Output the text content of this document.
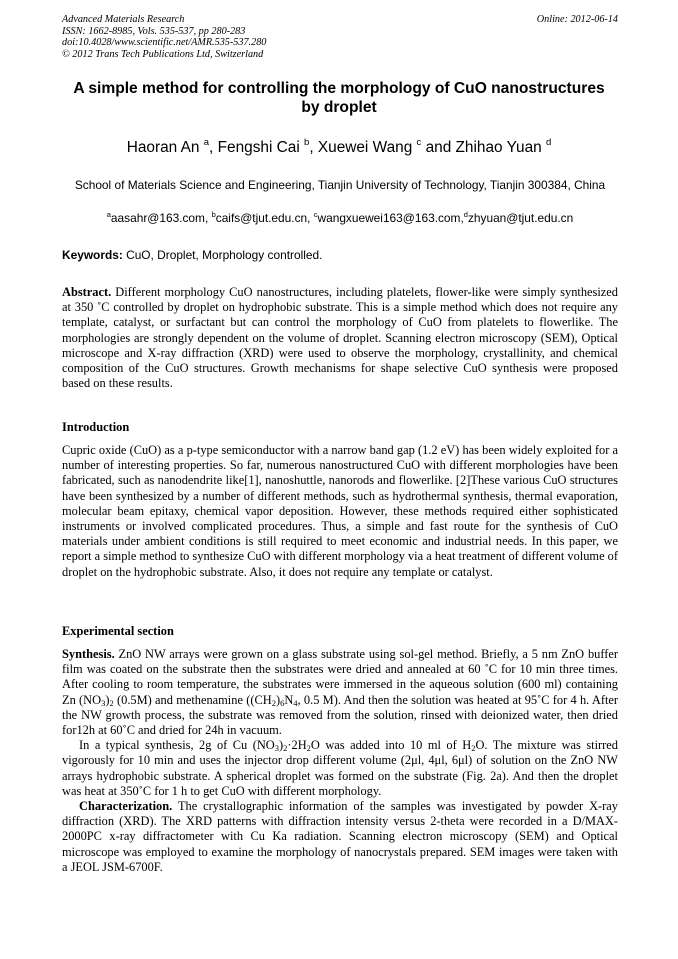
Advanced Materials Research
ISSN: 1662-8985, Vols. 535-537, pp 280-283
doi:10.4028/www.scientific.net/AMR.535-537.280
© 2012 Trans Tech Publications Ltd, Switzerland
Online: 2012-06-14
A simple method for controlling the morphology of CuO nanostructures
by droplet
Haoran An $^a$, Fengshi Cai $^b$, Xuewei Wang $^c$ and Zhihao Yuan $^d$
School of Materials Science and Engineering, Tianjin University of Technology, Tianjin 300384, China
$^a$aasahr@163.com, $^b$caifs@tjut.edu.cn, $^c$wangxuewei163@163.com,$^d$zhyuan@tjut.edu.cn
Keywords: CuO, Droplet, Morphology controlled.

Abstract. Different morphology CuO nanostructures, including platelets, flower-like were simply synthesized at 350 ˚C controlled by droplet on hydrophobic substrate. This is a simple method which does not require any template, catalyst, or surfactant but can control the morphology of CuO from platelets to flowerlike. The morphologies are strongly dependent on the volume of droplet. Scanning electron microscopy (SEM), Optical microscope and X-ray diffraction (XRD) were used to observe the morphology, crystallinity, and chemical composition of the CuO structures. Growth mechanisms for shape selective CuO synthesis were proposed based on these results.

Introduction

Cupric oxide (CuO) as a p-type semiconductor with a narrow band gap (1.2 eV) has been widely exploited for a number of interesting properties. So far, numerous nanostructured CuO with different morphologies have been fabricated, such as nanodendrite like[1], nanoshuttle, nanorods and flowerlike. [2]These various CuO structures have been synthesized by a number of different methods, such as hydrothermal synthesis, thermal evaporation, molecular beam epitaxy, chemical vapor deposition. However, these methods required either sophisticated instruments or involved complicated procedures. Thus, a simple and fast route for the synthesis of CuO materials under ambient conditions is still required to meet economic and industrial needs. In this paper, we report a simple method to synthesize CuO with different morphology via a heat treatment of different volume of droplet on the hydrophobic substrate. Also, it does not require any template or catalyst.

Experimental section

Synthesis. ZnO NW arrays were grown on a glass substrate using sol-gel method. Briefly, a 5 nm ZnO buffer film was coated on the substrate then the substrates were dried and annealed at 60 ˚C for 10 min three times. After cooling to room temperature, the substrates were immersed in the aqueous solution (600 ml) containing Zn $(NO_3)_2$ (0.5M) and methenamine ($(CH_2)_6N_4$, 0.5 M). And then the solution was heated at 95˚C for 4 h. After the NW growth process, the substrate was removed from the solution, rinsed with deionized water, then dried for12h at 60˚C and dried for 24h in vacuum.

In a typical synthesis, 2g of Cu $(NO_3)_2\cdot 2H_2O$ was added into 10 ml of $H_2O$. The mixture was stirred vigorously for 10 min and uses the injector drop different volume (2μl, 4μl, 6μl) of solution on the ZnO NW arrays hydrophobic substrate. A spherical droplet was formed on the substrate (Fig. 2a). And then the droplet was heat at 350˚C for 1 h to get CuO with different morphology.

Characterization. The crystallographic information of the samples was investigated by powder X-ray diffraction (XRD). The XRD patterns with diffraction intensity versus 2-theta were recorded in a D/MAX-2000PC x-ray diffractometer with Cu Ka radiation. Scanning electron microscopy (SEM) and Optical microscope was employed to examine the morphology of nanocrystals prepared. SEM images were taken with a JEOL JSM-6700F.
